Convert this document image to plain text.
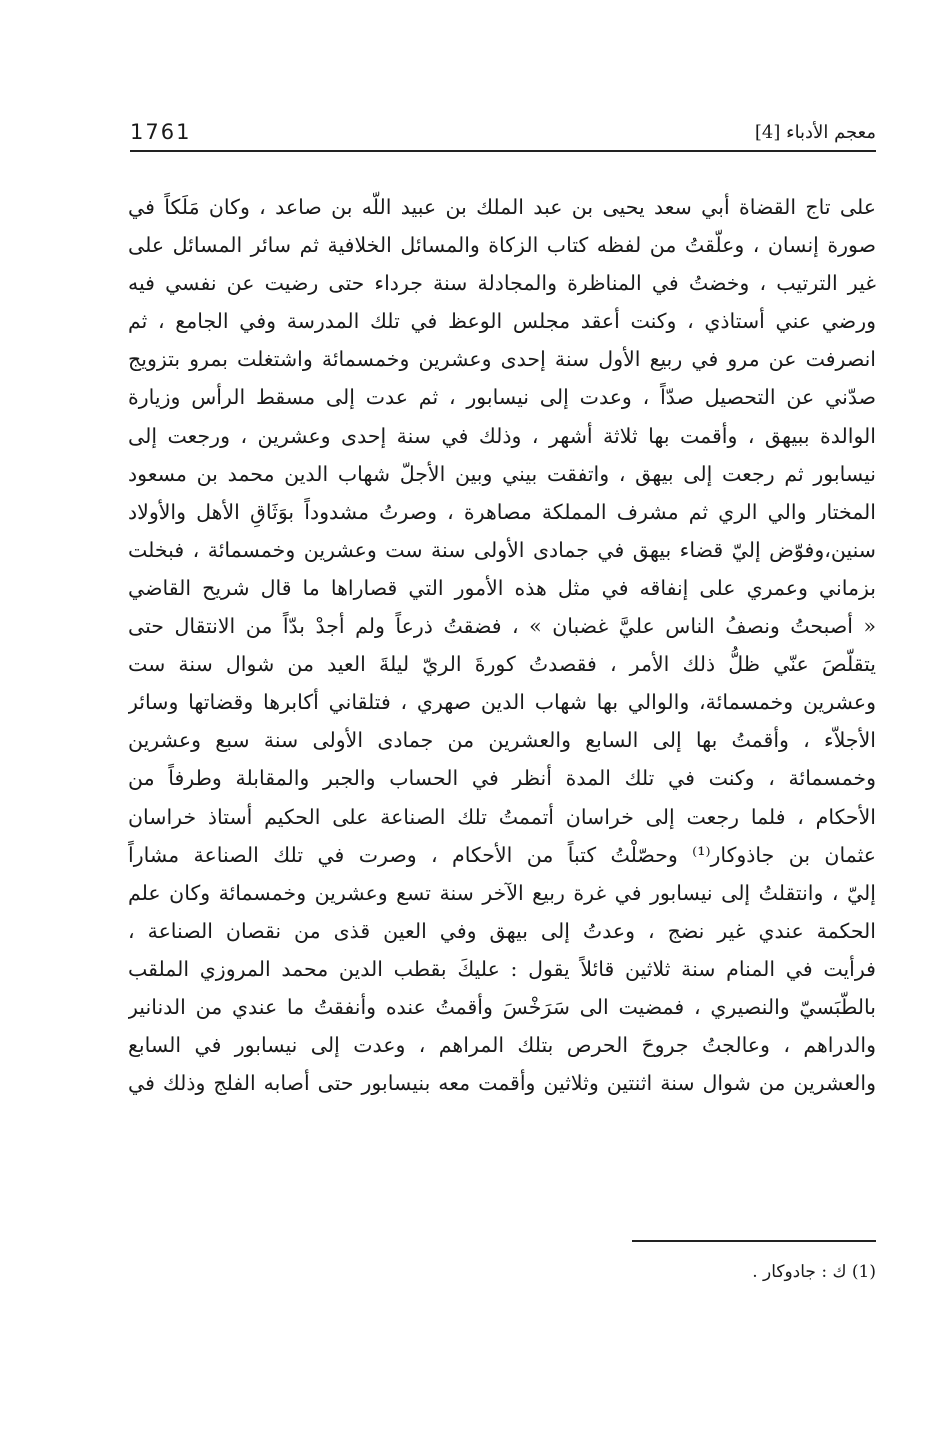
معجم الأدباء [4]
1761
على تاج القضاة أبي سعد يحيى بن عبد الملك بن عبيد اللّه بن صاعد ، وكان مَلَكاً في
صورة إنسان ، وعلّقتُ من لفظه كتاب الزكاة والمسائل الخلافية ثم سائر المسائل على
غير الترتيب ، وخضتُ في المناظرة والمجادلة سنة جرداء حتى رضيت عن نفسي فيه
ورضي عني أستاذي ، وكنت أعقد مجلس الوعظ في تلك المدرسة وفي الجامع ، ثم
انصرفت عن مرو في ربيع الأول سنة إحدى وعشرين وخمسمائة واشتغلت بمرو بتزويج
صدّني عن التحصيل صدّاً ، وعدت إلى نيسابور ، ثم عدت إلى مسقط الرأس وزيارة
الوالدة ببيهق ، وأقمت بها ثلاثة أشهر ، وذلك في سنة إحدى وعشرين ، ورجعت إلى
نيسابور ثم رجعت إلى بيهق ، واتفقت بيني وبين الأجلّ شهاب الدين محمد بن مسعود
المختار والي الري ثم مشرف المملكة مصاهرة ، وصرتُ مشدوداً بوَثَاقِ الأهل والأولاد
سنين،وفوّض إليّ قضاء بيهق في جمادى الأولى سنة ست وعشرين وخمسمائة ، فبخلت
بزماني وعمري على إنفاقه في مثل هذه الأمور التي قصاراها ما قال شريح القاضي
« أصبحتُ ونصفُ الناس عليَّ غضبان » ، فضقتُ ذرعاً ولم أجدْ بدّاً من الانتقال حتى
يتقلّصَ عنّي ظلُّ ذلك الأمر ، فقصدتُ كورةَ الريّ ليلةَ العيد من شوال سنة ست
وعشرين وخمسمائة، والوالي بها شهاب الدين صهري ، فتلقاني أكابرها وقضاتها وسائر
الأجلاّء ، وأقمتُ بها إلى السابع والعشرين من جمادى الأولى سنة سبع وعشرين
وخمسمائة ، وكنت في تلك المدة أنظر في الحساب والجبر والمقابلة وطرفاً من
الأحكام ، فلما رجعت إلى خراسان أتممتُ تلك الصناعة على الحكيم أستاذ خراسان
عثمان بن جاذوكار⁽¹⁾ وحصّلْتُ كتباً من الأحكام ، وصرت في تلك الصناعة مشاراً
إليّ ، وانتقلتُ إلى نيسابور في غرة ربيع الآخر سنة تسع وعشرين وخمسمائة وكان علم
الحكمة عندي غير نضج ، وعدتُ إلى بيهق وفي العين قذى من نقصان الصناعة ،
فرأيت في المنام سنة ثلاثين قائلاً يقول : عليكَ بقطب الدين محمد المروزي الملقب
بالطّبَسيّ والنصيري ، فمضيت الى سَرَخْسَ وأقمتُ عنده وأنفقتُ ما عندي من الدنانير
والدراهم ، وعالجتُ جروحَ الحرص بتلك المراهم ، وعدت إلى نيسابور في السابع
والعشرين من شوال سنة اثنتين وثلاثين وأقمت معه بنيسابور حتى أصابه الفلج وذلك في
(1) ك : جادوكار .
